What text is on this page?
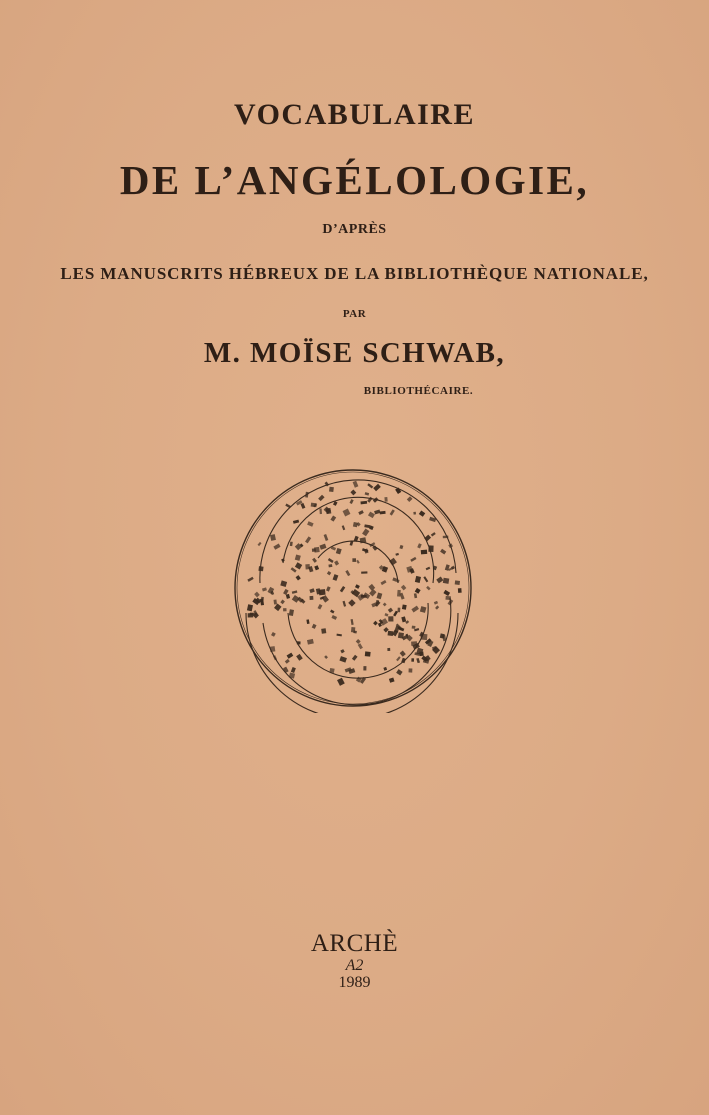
VOCABULAIRE
DE L’ANGÉLOLOGIE,
D’APRÈS
LES MANUSCRITS HÉBREUX DE LA BIBLIOTHÈQUE NATIONALE,
PAR
M. MOÏSE SCHWAB,
BIBLIOTHÉCAIRE.
ARCHÈ
A2
1989
